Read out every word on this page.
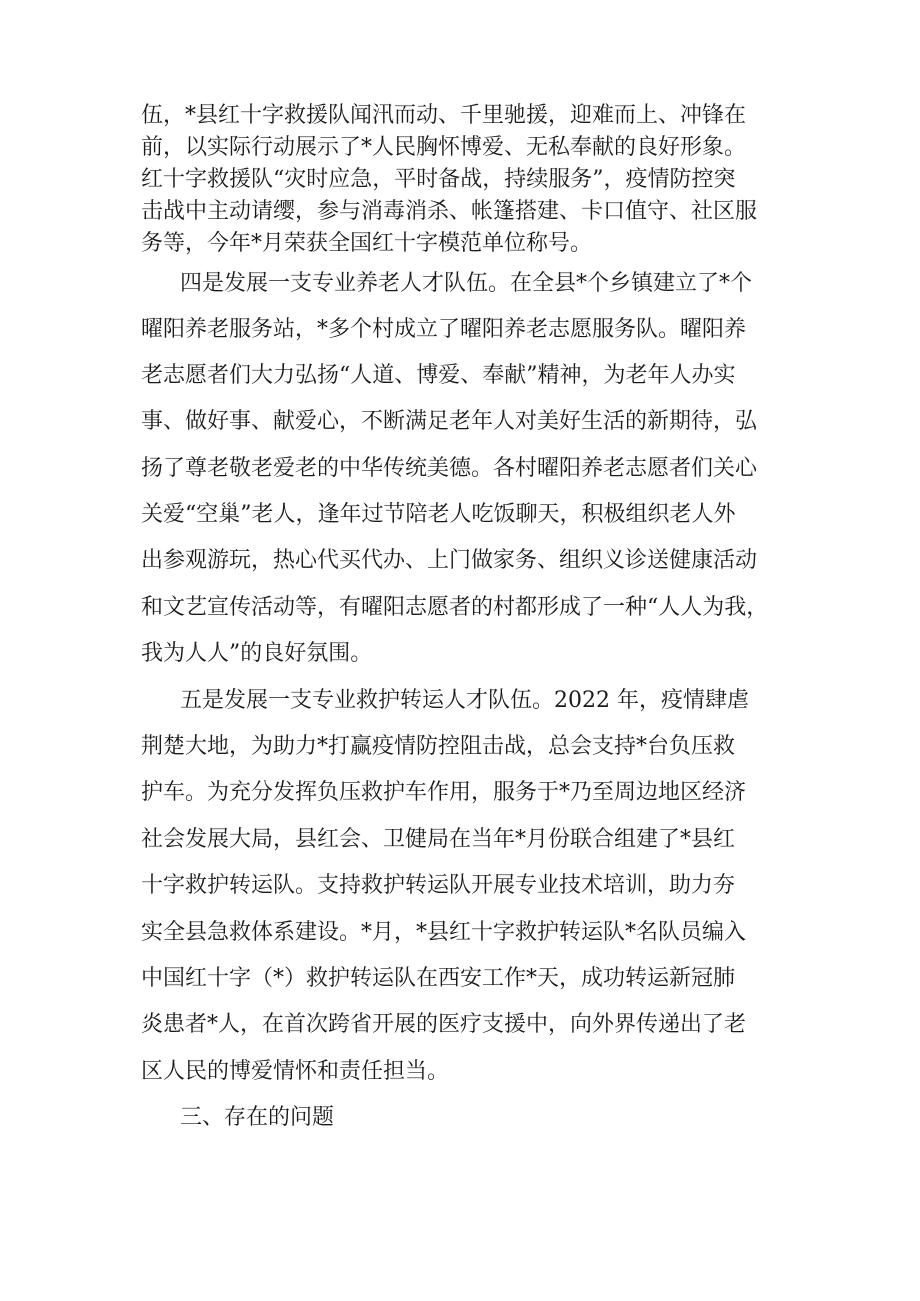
伍，*县红十字救援队闻汛而动、千里驰援，迎难而上、冲锋在
前，以实际行动展示了*人民胸怀博爱、无私奉献的良好形象。
红十字救援队“灾时应急，平时备战，持续服务”，疫情防控突
击战中主动请缨，参与消毒消杀、帐篷搭建、卡口值守、社区服
务等，今年*月荣获全国红十字模范单位称号。
四是发展一支专业养老人才队伍。在全县*个乡镇建立了*个
曜阳养老服务站，*多个村成立了曜阳养老志愿服务队。曜阳养
老志愿者们大力弘扬“人道、博爱、奉献”精神，为老年人办实
事、做好事、献爱心，不断满足老年人对美好生活的新期待，弘
扬了尊老敬老爱老的中华传统美德。各村曜阳养老志愿者们关心
关爱“空巢”老人，逢年过节陪老人吃饭聊天，积极组织老人外
出参观游玩，热心代买代办、上门做家务、组织义诊送健康活动
和文艺宣传活动等，有曜阳志愿者的村都形成了一种“人人为我，
我为人人”的良好氛围。
五是发展一支专业救护转运人才队伍。2022 年，疫情肆虐
荆楚大地，为助力*打赢疫情防控阻击战，总会支持*台负压救
护车。为充分发挥负压救护车作用，服务于*乃至周边地区经济
社会发展大局，县红会、卫健局在当年*月份联合组建了*县红
十字救护转运队。支持救护转运队开展专业技术培训，助力夯
实全县急救体系建设。*月，*县红十字救护转运队*名队员编入
中国红十字（*）救护转运队在西安工作*天，成功转运新冠肺
炎患者*人，在首次跨省开展的医疗支援中，向外界传递出了老
区人民的博爱情怀和责任担当。
三、存在的问题
